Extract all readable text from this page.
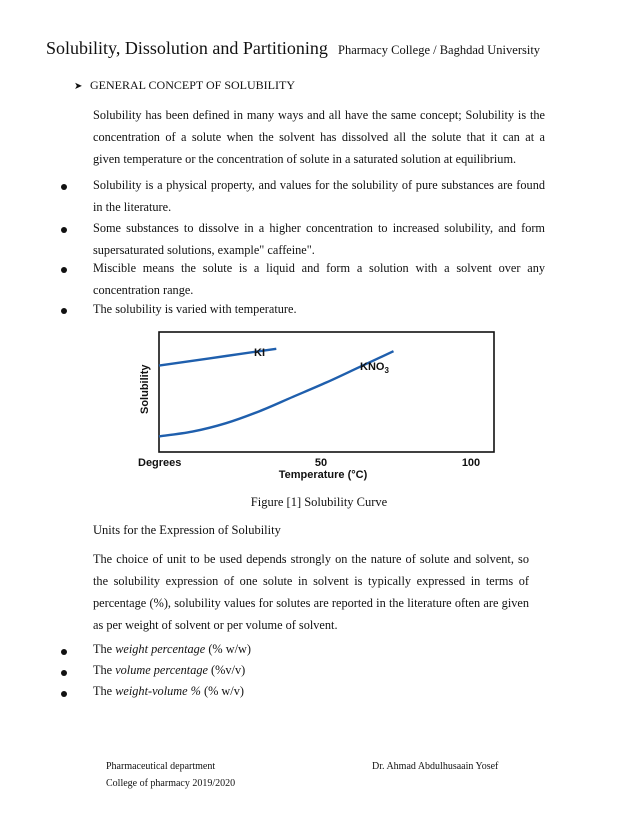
Solubility, Dissolution and Partitioning Pharmacy College / Baghdad University
➤ GENERAL CONCEPT OF SOLUBILITY
Solubility has been defined in many ways and all have the same concept; Solubility is the
concentration of a solute when the solvent has dissolved all the solute that it can at a
given temperature or the concentration of solute in a saturated solution at equilibrium.
Solubility is a physical property, and values for the solubility of pure substances are found
in the literature.
Some substances to dissolve in a higher concentration to increased solubility, and form
supersaturated solutions, example" caffeine".
Miscible means the solute is a liquid and form a solution with a solvent over any
concentration range.
The solubility is varied with temperature.
Solubility
Degrees	50	100
Temperature (°C)
KI
$KNO_3$
Figure [1] Solubility Curve
Units for the Expression of Solubility
The choice of unit to be used depends strongly on the nature of solute and solvent, so
the solubility expression of one solute in solvent is typically expressed in terms of
percentage (%), solubility values for solutes are reported in the literature often are given
as per weight of solvent or per volume of solvent.
The weight percentage (% w/w)
The volume percentage (%v/v)
The weight-volume % (% w/v)
Pharmaceutical department
College of pharmacy 2019/2020
Dr. Ahmad Abdulhusaain Yosef
